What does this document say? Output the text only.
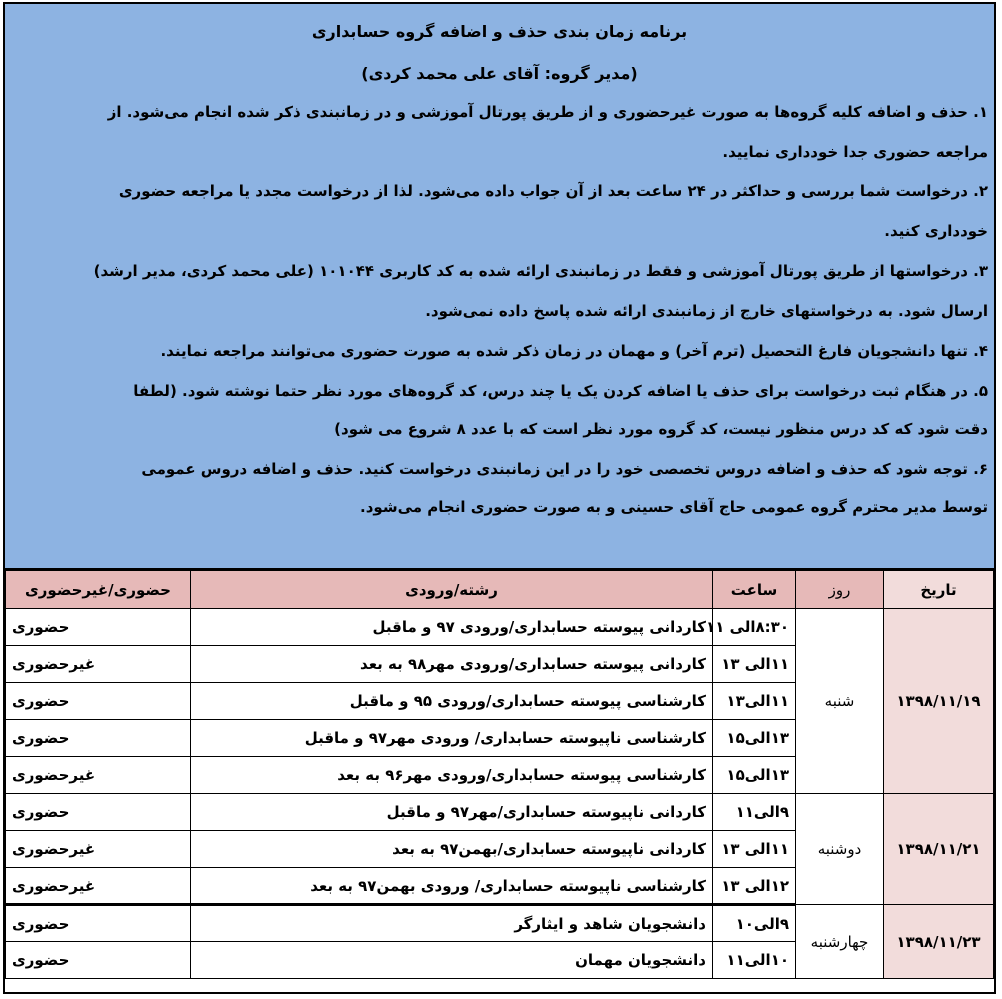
برنامه زمان بندی حذف و اضافه گروه حسابداری
(مدیر گروه: آقای علی محمد کردی)
۱. حذف و اضافه کلیه گروه‌ها به صورت غیرحضوری و از طریق پورتال آموزشی و در زمانبندی ذکر شده انجام می‌شود. از
مراجعه حضوری جدا خودداری نمایید.
۲. درخواست شما بررسی و حداکثر در ۲۴ ساعت بعد از آن جواب داده می‌شود. لذا از درخواست مجدد یا مراجعه حضوری
خودداری کنید.
۳. درخواستها از طریق پورتال آموزشی و فقط در زمانبندی ارائه شده به کد کاربری ۱۰۱۰۴۴ (علی محمد کردی، مدیر ارشد)
ارسال شود. به درخواستهای خارج از زمانبندی ارائه شده پاسخ داده نمی‌شود.
۴. تنها دانشجویان فارغ التحصیل (ترم آخر) و مهمان در زمان ذکر شده به صورت حضوری می‌توانند مراجعه نمایند.
۵. در هنگام ثبت درخواست برای حذف یا اضافه کردن یک یا چند درس، کد گروه‌های مورد نظر حتما نوشته شود. (لطفا
دقت شود که کد درس منظور نیست، کد گروه مورد نظر است که با عدد ۸ شروع می شود)
۶. توجه شود که حذف و اضافه دروس تخصصی خود را در این زمانبندی درخواست کنید. حذف و اضافه دروس عمومی
توسط مدیر محترم گروه عمومی حاج آقای حسینی و به صورت حضوری انجام می‌شود.
تاریخ	روز	ساعت	رشته/ورودی	حضوری/غیرحضوری
۱۳۹۸/۱۱/۱۹	شنبه	۸:۳۰الی ۱۱	کاردانی پیوسته حسابداری/ورودی ۹۷ و ماقبل	حضوری
		۱۱الی ۱۳	کاردانی پیوسته حسابداری/ورودی مهر۹۸ به بعد	غیرحضوری
		۱۱الی۱۳	کارشناسی پیوسته حسابداری/ورودی ۹۵ و ماقبل	حضوری
		۱۳الی۱۵	کارشناسی ناپیوسته حسابداری/ ورودی مهر۹۷ و ماقبل	حضوری
		۱۳الی۱۵	کارشناسی پیوسته حسابداری/ورودی مهر۹۶ به بعد	غیرحضوری
۱۳۹۸/۱۱/۲۱	دوشنبه	۹الی۱۱	کاردانی ناپیوسته حسابداری/مهر۹۷ و ماقبل	حضوری
		۱۱الی ۱۳	کاردانی ناپیوسته حسابداری/بهمن۹۷ به بعد	غیرحضوری
		۱۲الی ۱۳	کارشناسی ناپیوسته حسابداری/ ورودی بهمن۹۷ به بعد	غیرحضوری
۱۳۹۸/۱۱/۲۳	چهارشنبه	۹الی۱۰	دانشجویان شاهد و ایثارگر	حضوری
		۱۰الی۱۱	دانشجویان مهمان	حضوری
